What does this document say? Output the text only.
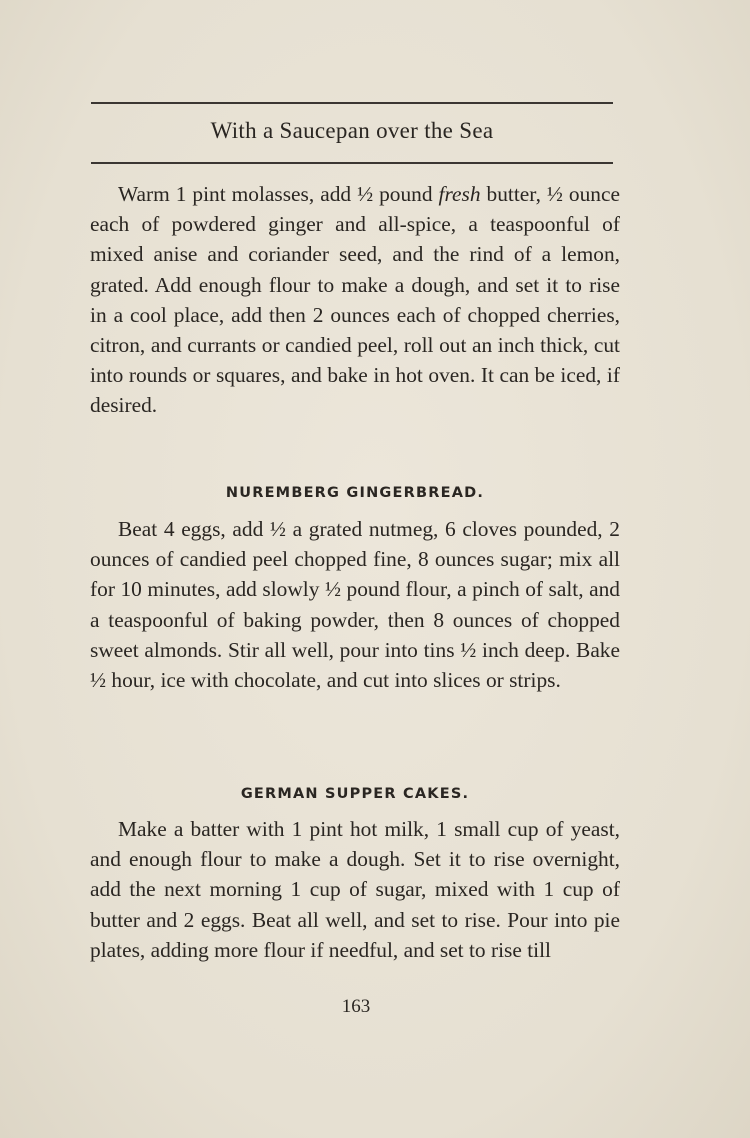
With a Saucepan over the Sea

Warm 1 pint molasses, add ½ pound fresh butter, ½ ounce each of powdered ginger and all-spice, a teaspoonful of mixed anise and coriander seed, and the rind of a lemon, grated. Add enough flour to make a dough, and set it to rise in a cool place, add then 2 ounces each of chopped cherries, citron, and currants or candied peel, roll out an inch thick, cut into rounds or squares, and bake in hot oven. It can be iced, if desired.

NUREMBERG GINGERBREAD.

Beat 4 eggs, add ½ a grated nutmeg, 6 cloves pounded, 2 ounces of candied peel chopped fine, 8 ounces sugar; mix all for 10 minutes, add slowly ½ pound flour, a pinch of salt, and a teaspoonful of baking powder, then 8 ounces of chopped sweet almonds. Stir all well, pour into tins ½ inch deep. Bake ½ hour, ice with chocolate, and cut into slices or strips.

GERMAN SUPPER CAKES.

Make a batter with 1 pint hot milk, 1 small cup of yeast, and enough flour to make a dough. Set it to rise overnight, add the next morning 1 cup of sugar, mixed with 1 cup of butter and 2 eggs. Beat all well, and set to rise. Pour into pie plates, adding more flour if needful, and set to rise till

163
